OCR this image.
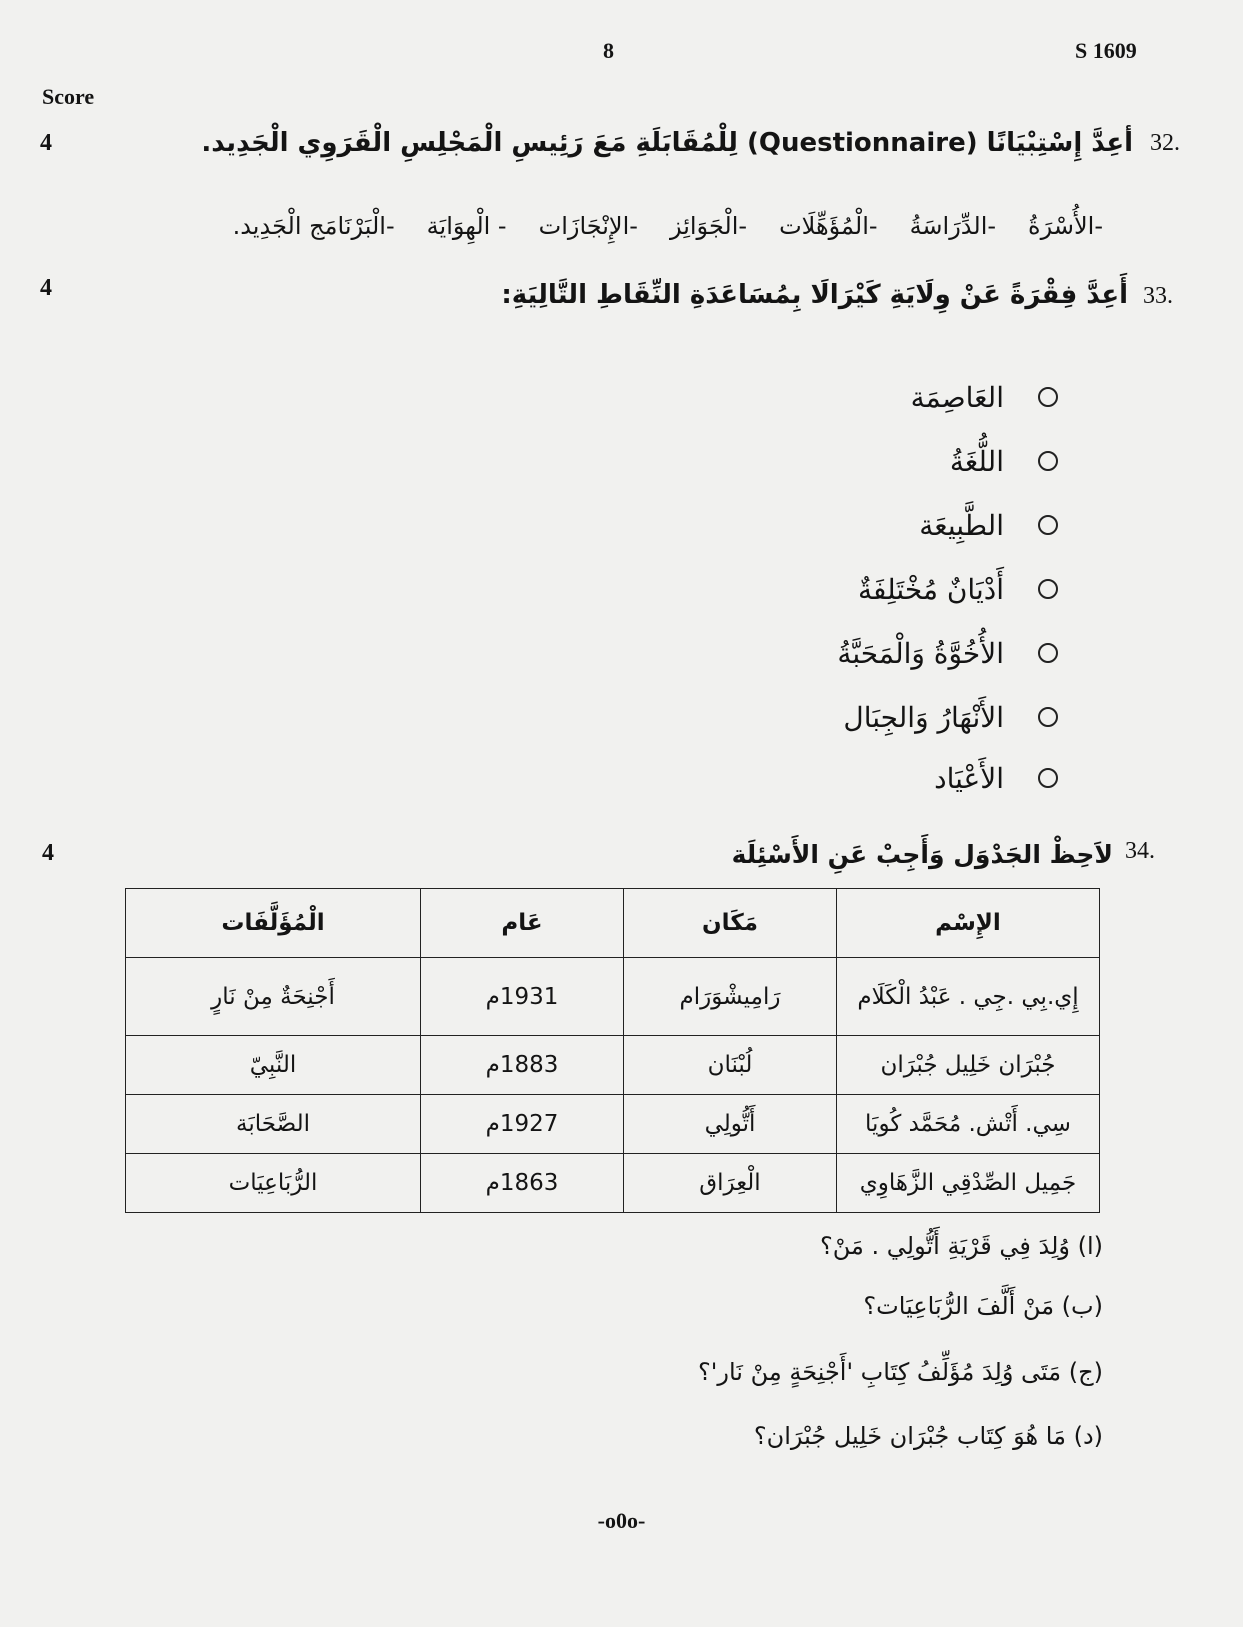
8	S 1609
Score
4	32.
أعِدَّ إِسْتِبْيَانًا (Questionnaire) لِلْمُقَابَلَةِ مَعَ رَئِيسِ الْمَجْلِسِ الْقَرَوِي الْجَدِيد.
-الأُسْرَةُ
-الدِّرَاسَةُ
-الْمُؤَهِّلَات
-الْجَوَائِز
-الإِنْجَازَات
- الْهِوَايَة
-الْبَرْنَامَج الْجَدِيد.
4	33.
أَعِدَّ فِقْرَةً عَنْ وِلَايَةِ كَيْرَالَا بِمُسَاعَدَةِ النِّقَاطِ التَّالِيَةِ:
العَاصِمَة
اللُّغَةُ
الطَّبِيعَة
أَدْيَانٌ مُخْتَلِفَةٌ
الأُخُوَّةُ وَالْمَحَبَّةُ
الأَنْهَارُ وَالجِبَال
الأَعْيَاد
4	34.
لاَحِظْ الجَدْوَل وَأَجِبْ عَنِ الأَسْئِلَة
الإِسْم	مَكَان	عَام	الْمُؤَلَّفَات
إِي.بِي .جِي . عَبْدُ الْكَلَام	رَامِيشْوَرَام	1931م	أَجْنِحَةٌ مِنْ نَارٍ
جُبْرَان خَلِيل جُبْرَان	لُبْنَان	1883م	النَّبِيّ
سِي. أَتْش. مُحَمَّد كُويَا	أَتُّولِي	1927م	الصَّحَابَة
جَمِيل الصِّدْقِي الزَّهَاوِي	الْعِرَاق	1863م	الرُّبَاعِيَات
(ا) وُلِدَ فِي قَرْيَةِ أَتُّولِي . مَنْ؟
(ب) مَنْ أَلَّفَ الرُّبَاعِيَات؟
(ج) مَتَى وُلِدَ مُؤَلِّفُ كِتَابِ 'أَجْنِحَةٍ مِنْ نَار'؟
(د) مَا هُوَ كِتَاب جُبْرَان خَلِيل جُبْرَان؟
-o0o-
